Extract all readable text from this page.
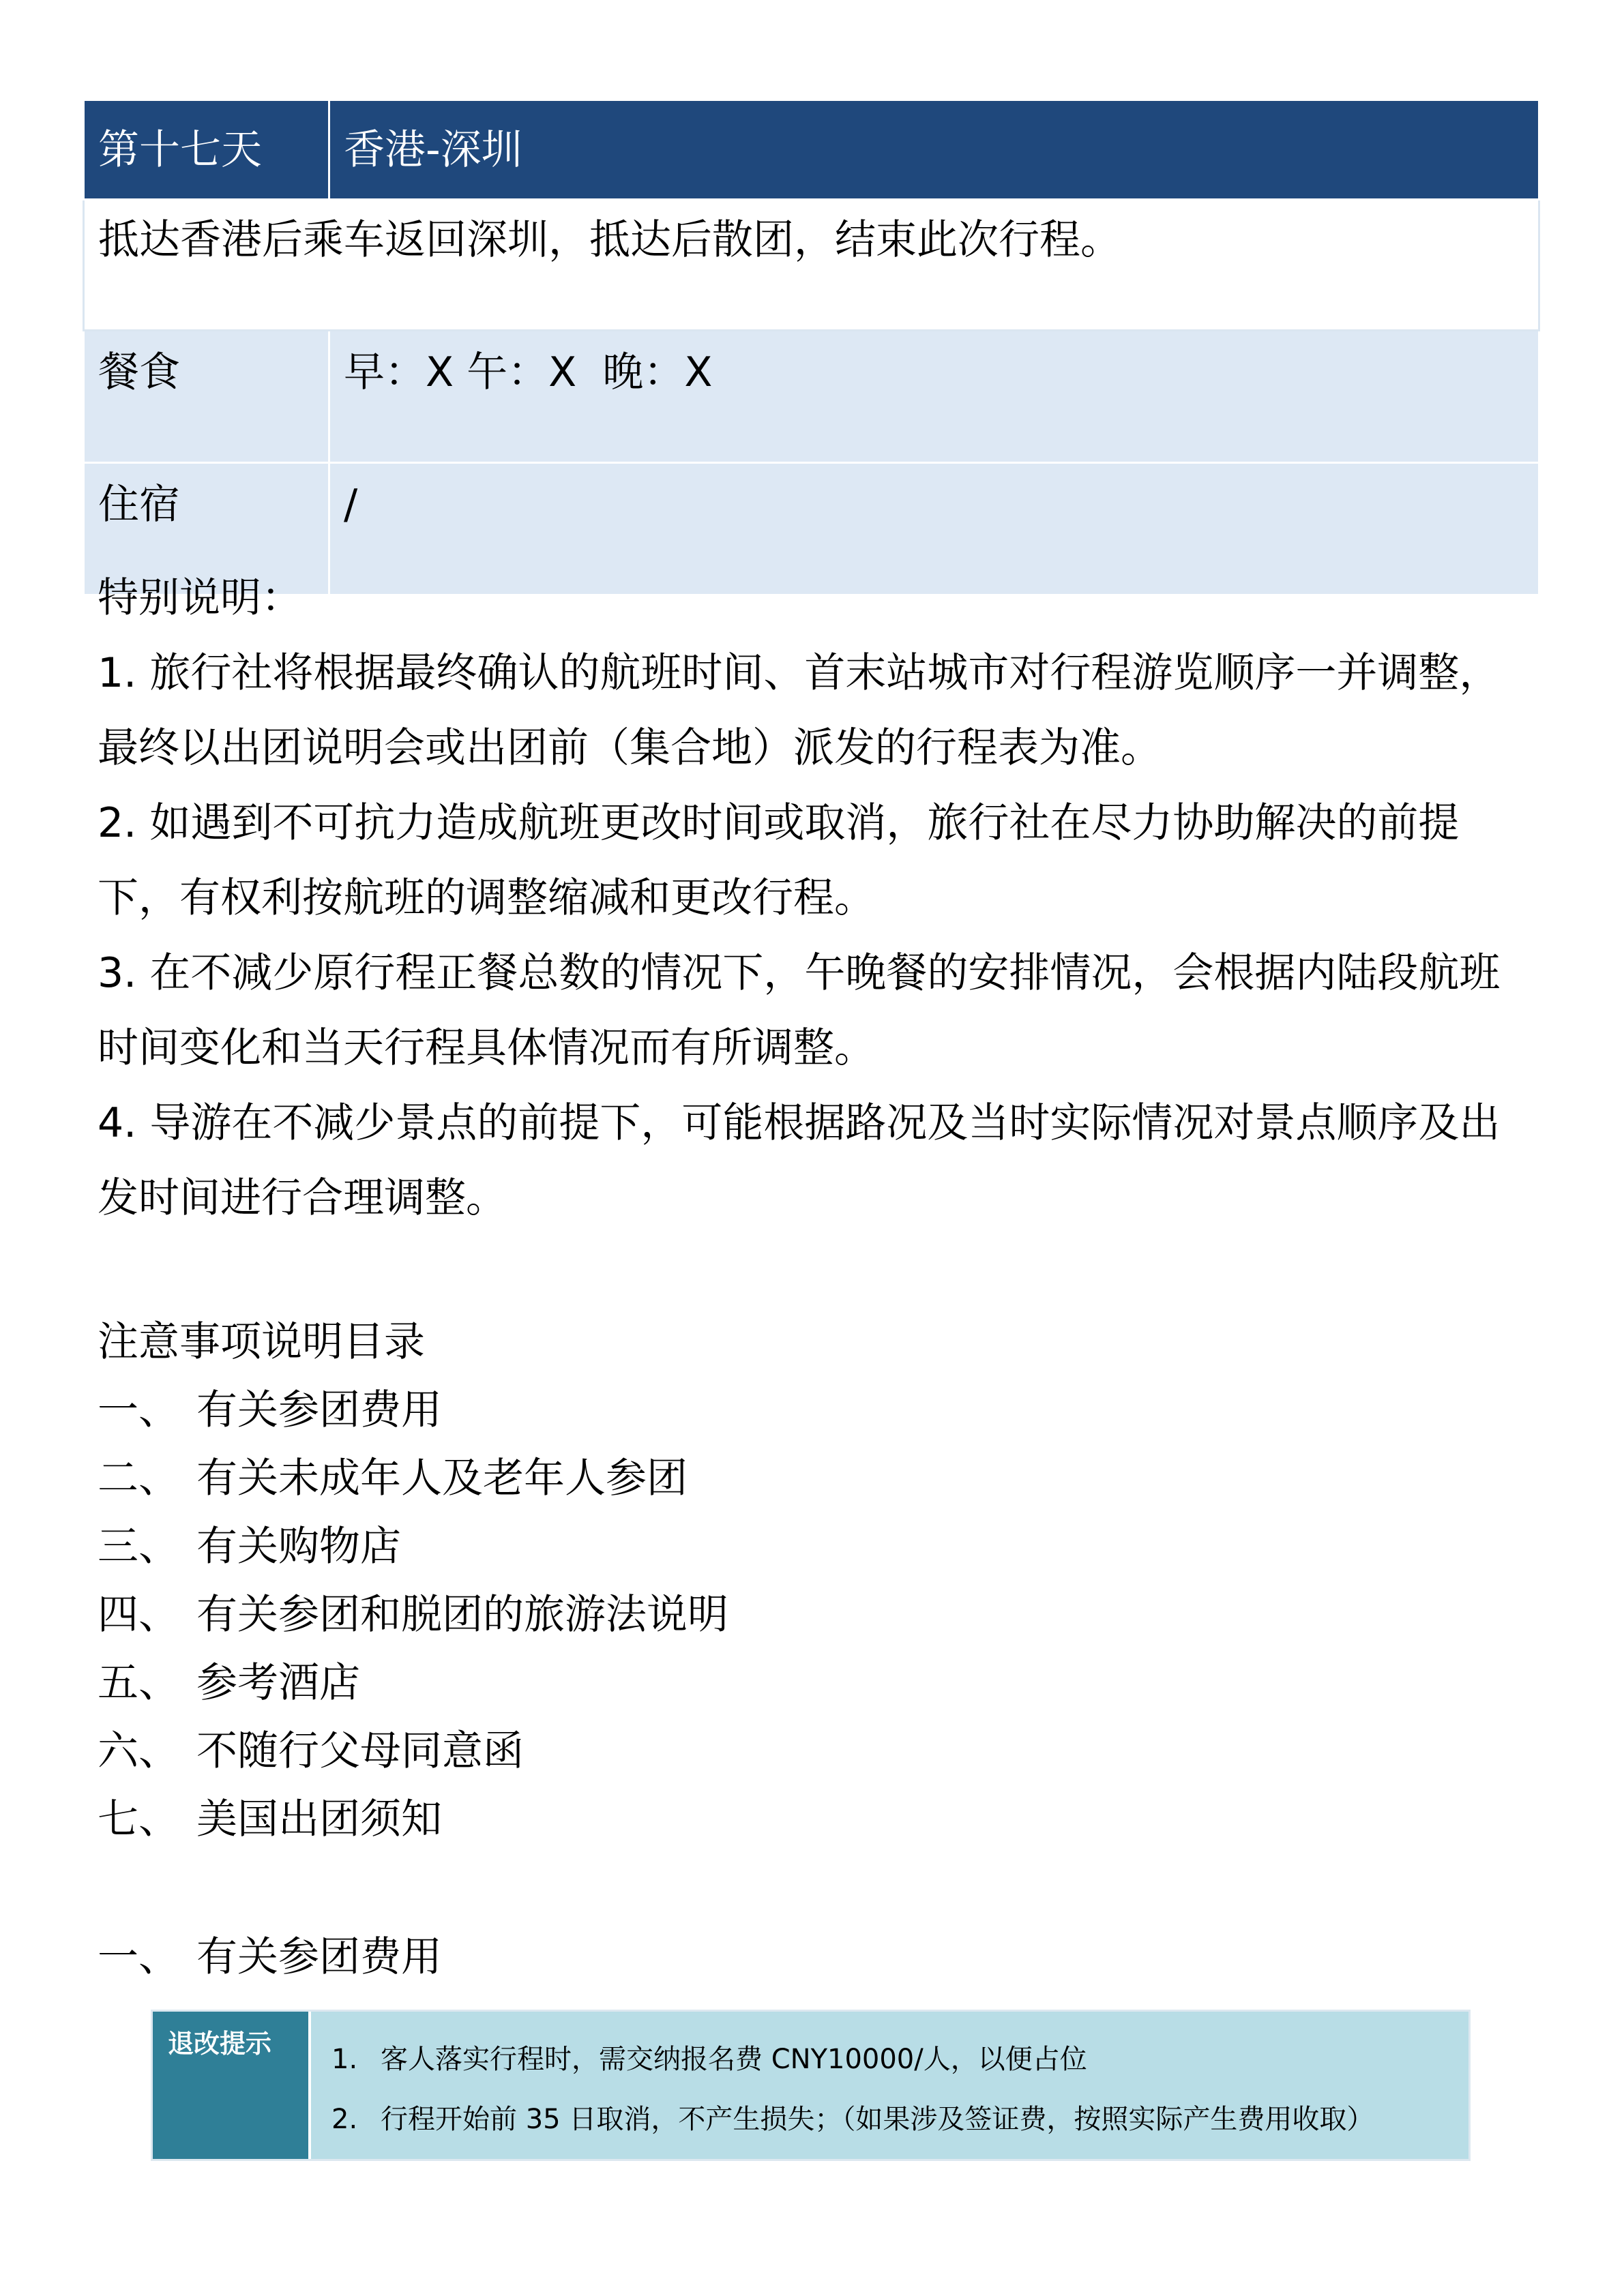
第十七天	香港-深圳
抵达香港后乘车返回深圳，抵达后散团，结束此次行程。	
餐食	早：X 午：X  晚：X
住宿	/

特别说明：

1. 旅行社将根据最终确认的航班时间、首末站城市对行程游览顺序一并调整，最终以出团说明会或出团前（集合地）派发的行程表为准。

2. 如遇到不可抗力造成航班更改时间或取消，旅行社在尽力协助解决的前提下，有权利按航班的调整缩减和更改行程。

3. 在不减少原行程正餐总数的情况下，午晚餐的安排情况，会根据内陆段航班时间变化和当天行程具体情况而有所调整。

4. 导游在不减少景点的前提下，可能根据路况及当时实际情况对景点顺序及出发时间进行合理调整。

注意事项说明目录

一、 有关参团费用

二、 有关未成年人及老年人参团

三、 有关购物店

四、 有关参团和脱团的旅游法说明

五、 参考酒店

六、 不随行父母同意函

七、 美国出团须知

一、 有关参团费用
退改提示	1. 客人落实行程时，需交纳报名费 CNY10000/人，以便占位

2. 行程开始前 35 日取消，不产生损失；（如果涉及签证费，按照实际产生费用收取）
